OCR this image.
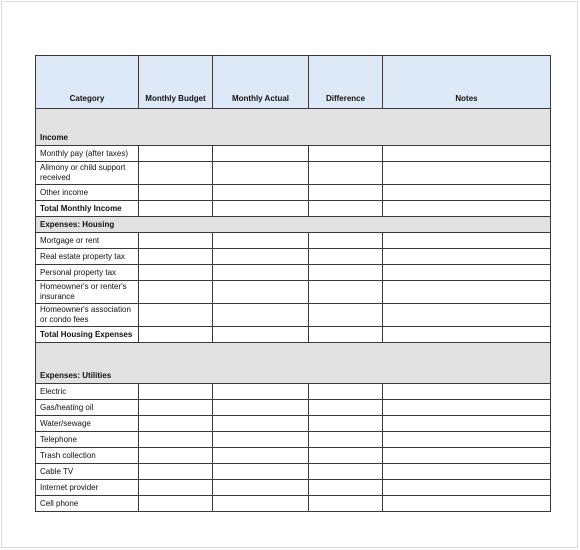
Category	Monthly Budget	Monthly Actual	Difference	Notes
Income				
Monthly pay (after taxes)				
Alimony or child support received				
Other income				
Total Monthly Income				
Expenses: Housing				
Mortgage or rent				
Real estate property tax				
Personal property tax				
Homeowner's or renter's insurance				
Homeowner's association or condo fees				
Total Housing Expenses				
Expenses: Utilities				
Electric				
Gas/heating oil				
Water/sewage				
Telephone				
Trash collection				
Cable TV				
Internet provider				
Cell phone				
